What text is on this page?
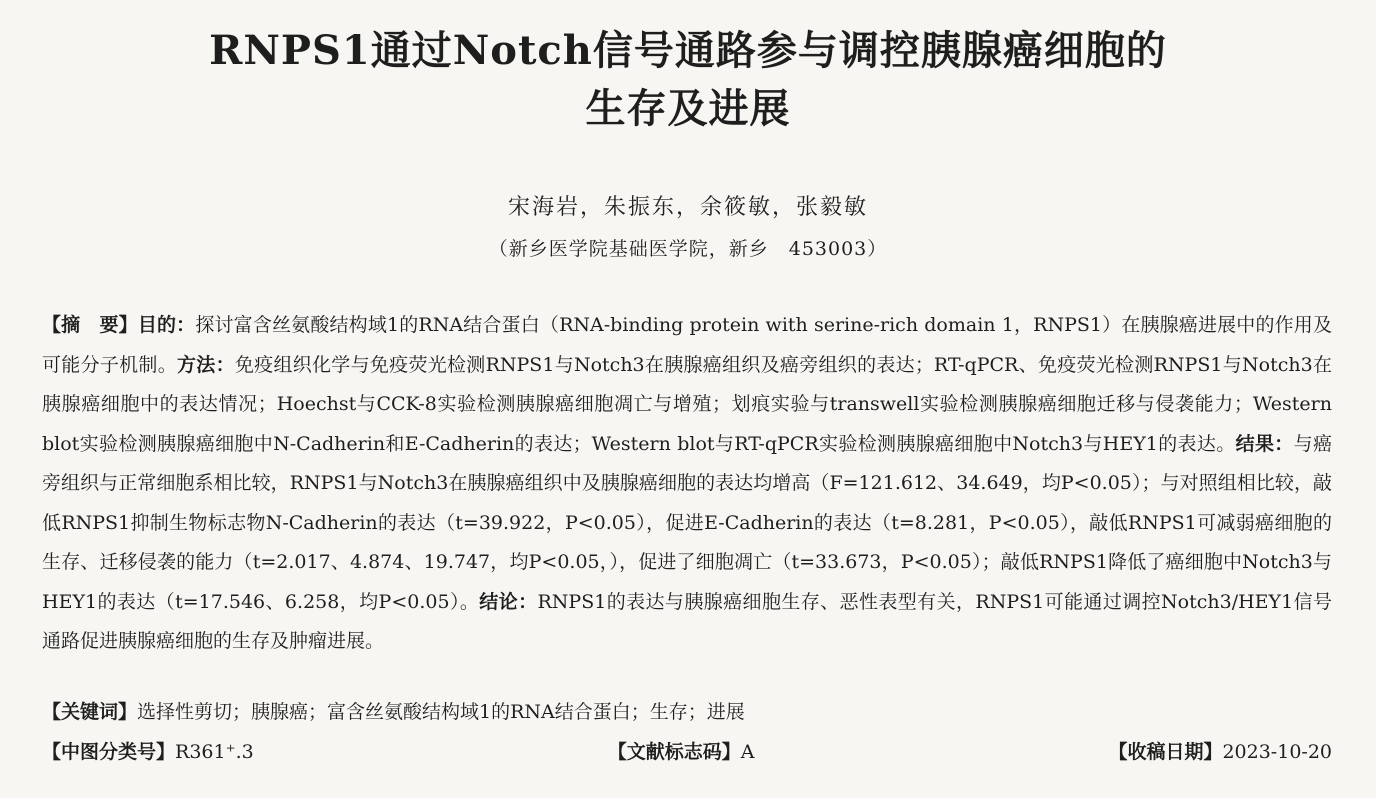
RNPS1通过Notch信号通路参与调控胰腺癌细胞的
生存及进展
宋海岩，朱振东，余筱敏，张毅敏
（新乡医学院基础医学院，新乡　453003）
【摘　要】目的：探讨富含丝氨酸结构域1的RNA结合蛋白（RNA-binding protein with serine-rich domain 1，RNPS1）在胰腺癌进展中的作用及可能分子机制。方法：免疫组织化学与免疫荧光检测RNPS1与Notch3在胰腺癌组织及癌旁组织的表达；RT-qPCR、免疫荧光检测RNPS1与Notch3在胰腺癌细胞中的表达情况；Hoechst与CCK-8实验检测胰腺癌细胞凋亡与增殖；划痕实验与transwell实验检测胰腺癌细胞迁移与侵袭能力；Western blot实验检测胰腺癌细胞中N-Cadherin和E-Cadherin的表达；Western blot与RT-qPCR实验检测胰腺癌细胞中Notch3与HEY1的表达。结果：与癌旁组织与正常细胞系相比较，RNPS1与Notch3在胰腺癌组织中及胰腺癌细胞的表达均增高（F=121.612、34.649，均P<0.05）；与对照组相比较，敲低RNPS1抑制生物标志物N-Cadherin的表达（t=39.922，P<0.05），促进E-Cadherin的表达（t=8.281，P<0.05），敲低RNPS1可减弱癌细胞的生存、迁移侵袭的能力（t=2.017、4.874、19.747，均P<0.05，），促进了细胞凋亡（t=33.673，P<0.05）；敲低RNPS1降低了癌细胞中Notch3与HEY1的表达（t=17.546、6.258，均P<0.05）。结论：RNPS1的表达与胰腺癌细胞生存、恶性表型有关，RNPS1可能通过调控Notch3/HEY1信号通路促进胰腺癌细胞的生存及肿瘤进展。
【关键词】选择性剪切；胰腺癌；富含丝氨酸结构域1的RNA结合蛋白；生存；进展
【中图分类号】R361⁺.3	【文献标志码】A	【收稿日期】2023-10-20
